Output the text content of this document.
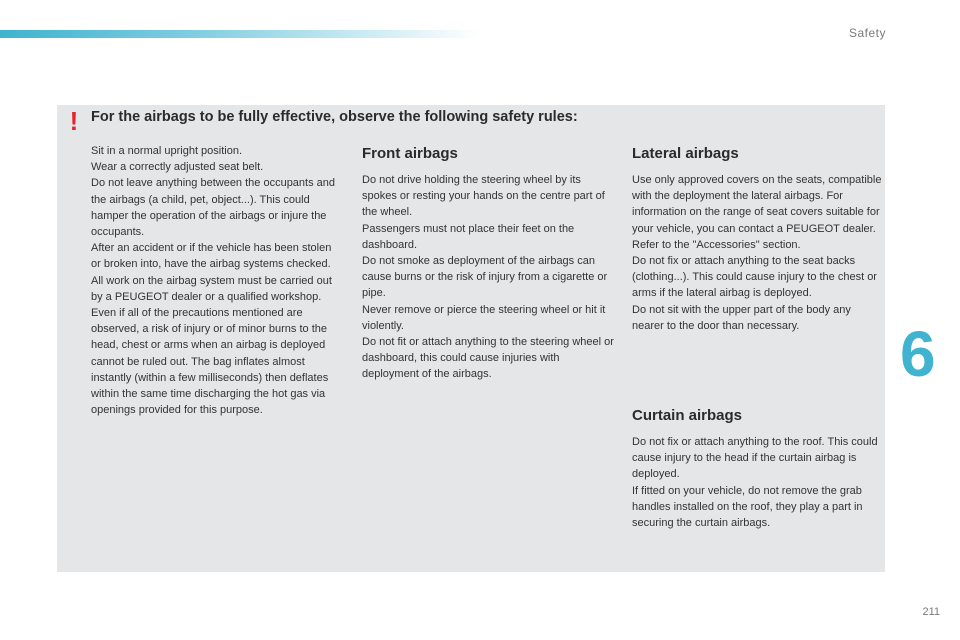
Safety
! For the airbags to be fully effective, observe the following safety rules:

Sit in a normal upright position.

Wear a correctly adjusted seat belt.

Do not leave anything between the occupants and the airbags (a child, pet, object...). This could hamper the operation of the airbags or injure the occupants.

After an accident or if the vehicle has been stolen or broken into, have the airbag systems checked.

All work on the airbag system must be carried out by a PEUGEOT dealer or a qualified workshop.

Even if all of the precautions mentioned are observed, a risk of injury or of minor burns to the head, chest or arms when an airbag is deployed cannot be ruled out. The bag inflates almost instantly (within a few milliseconds) then deflates within the same time discharging the hot gas via openings provided for this purpose.

Front airbags

Do not drive holding the steering wheel by its spokes or resting your hands on the centre part of the wheel.

Passengers must not place their feet on the dashboard.

Do not smoke as deployment of the airbags can cause burns or the risk of injury from a cigarette or pipe.

Never remove or pierce the steering wheel or hit it violently.

Do not fit or attach anything to the steering wheel or dashboard, this could cause injuries with deployment of the airbags.

Lateral airbags

Use only approved covers on the seats, compatible with the deployment the lateral airbags. For information on the range of seat covers suitable for your vehicle, you can contact a PEUGEOT dealer.

Refer to the "Accessories" section.

Do not fix or attach anything to the seat backs (clothing...). This could cause injury to the chest or arms if the lateral airbag is deployed.

Do not sit with the upper part of the body any nearer to the door than necessary.

Curtain airbags

Do not fix or attach anything to the roof. This could cause injury to the head if the curtain airbag is deployed.

If fitted on your vehicle, do not remove the grab handles installed on the roof, they play a part in securing the curtain airbags.

6
211
